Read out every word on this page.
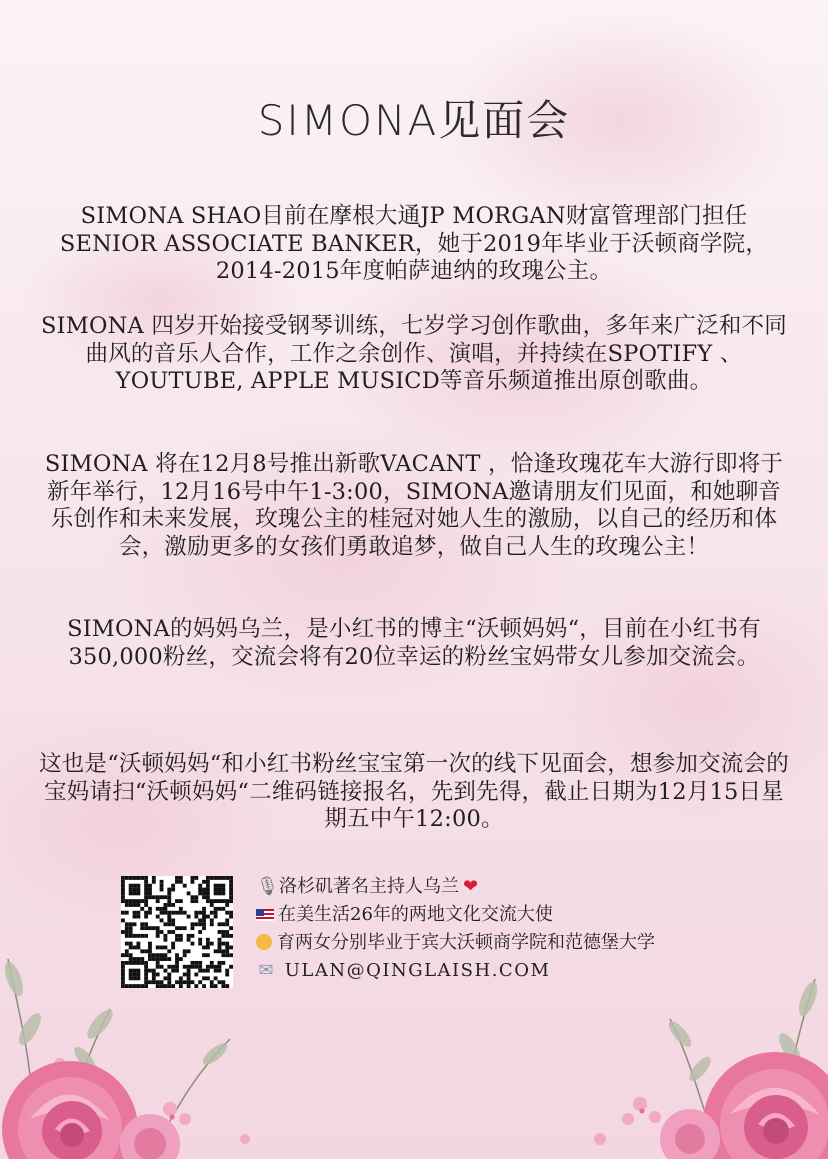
SIMONA见面会

SIMONA SHAO目前在摩根大通JP MORGAN财富管理部门担任SENIOR ASSOCIATE BANKER，她于2019年毕业于沃顿商学院，2014-2015年度帕萨迪纳的玫瑰公主。

SIMONA 四岁开始接受钢琴训练，七岁学习创作歌曲，多年来广泛和不同曲风的音乐人合作，工作之余创作、演唱，并持续在SPOTIFY 、YOUTUBE, APPLE MUSICD等音乐频道推出原创歌曲。

SIMONA 将在12月8号推出新歌VACANT ，恰逢玫瑰花车大游行即将于新年举行，12月16号中午1-3:00，SIMONA邀请朋友们见面，和她聊音乐创作和未来发展，玫瑰公主的桂冠对她人生的激励，以自己的经历和体会，激励更多的女孩们勇敢追梦，做自己人生的玫瑰公主！

SIMONA的妈妈乌兰，是小红书的博主“沃顿妈妈“，目前在小红书有350,000粉丝，交流会将有20位幸运的粉丝宝妈带女儿参加交流会。

这也是“沃顿妈妈“和小红书粉丝宝宝第一次的线下见面会，想参加交流会的宝妈请扫“沃顿妈妈“二维码链接报名，先到先得，截止日期为12月15日星期五中午12:00。

🎙洛杉矶著名主持人乌兰 ❤
在美生活26年的两地文化交流大使
育两女分别毕业于宾大沃顿商学院和范德堡大学
✉ ULAN@QINGLAISH.COM
